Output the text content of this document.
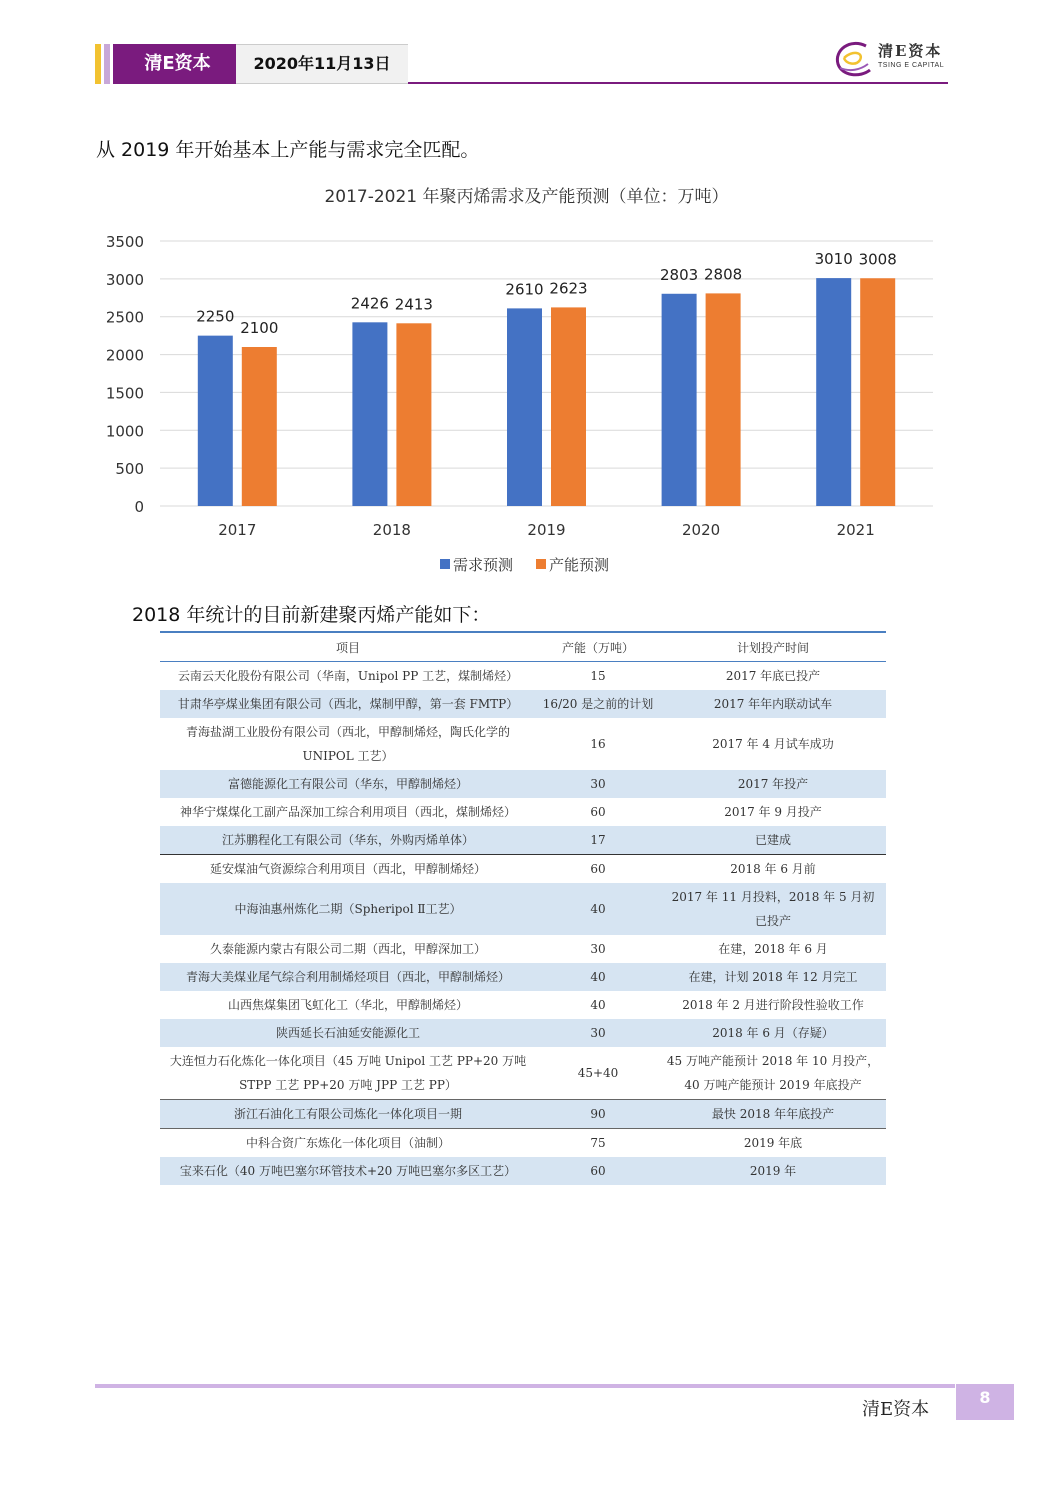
清E资本	2020年11月13日
清E资本
TSING E CAPITAL
从 2019 年开始基本上产能与需求完全匹配。
2017-2021 年聚丙烯需求及产能预测（单位：万吨）
0
500
1000
1500
2000
2500
3000
3500
2250
2100
2017
2426 2413
2018
2610 2623
2019
2803 2808
2020
3010 3008
2021
需求预测 产能预测
2018 年统计的目前新建聚丙烯产能如下：
项目	产能（万吨）	计划投产时间
云南云天化股份有限公司（华南，Unipol PP 工艺，煤制烯烃）	15	2017 年底已投产
甘肃华亭煤业集团有限公司（西北，煤制甲醇，第一套 FMTP）	16/20 是之前的计划	2017 年年内联动试车
青海盐湖工业股份有限公司（西北，甲醇制烯烃，陶氏化学的 UNIPOL 工艺）	16	2017 年 4 月试车成功
富德能源化工有限公司（华东，甲醇制烯烃）	30	2017 年投产
神华宁煤煤化工副产品深加工综合利用项目（西北，煤制烯烃）	60	2017 年 9 月投产
江苏鹏程化工有限公司（华东，外购丙烯单体）	17	已建成
延安煤油气资源综合利用项目（西北，甲醇制烯烃）	60	2018 年 6 月前
中海油惠州炼化二期（Spheripol Ⅱ工艺）	40	2017 年 11 月投料，2018 年 5 月初已投产
久泰能源内蒙古有限公司二期（西北，甲醇深加工）	30	在建，2018 年 6 月
青海大美煤业尾气综合利用制烯烃项目（西北，甲醇制烯烃）	40	在建，计划 2018 年 12 月完工
山西焦煤集团飞虹化工（华北，甲醇制烯烃）	40	2018 年 2 月进行阶段性验收工作
陕西延长石油延安能源化工	30	2018 年 6 月（存疑）
大连恒力石化炼化一体化项目（45 万吨 Unipol 工艺 PP+20 万吨 STPP 工艺 PP+20 万吨 JPP 工艺 PP）	45+40	45 万吨产能预计 2018 年 10 月投产，40 万吨产能预计 2019 年底投产
浙江石油化工有限公司炼化一体化项目一期	90	最快 2018 年年底投产
中科合资广东炼化一体化项目（油制）	75	2019 年底
宝来石化（40 万吨巴塞尔环管技术+20 万吨巴塞尔多区工艺）	60	2019 年
清E资本
8
